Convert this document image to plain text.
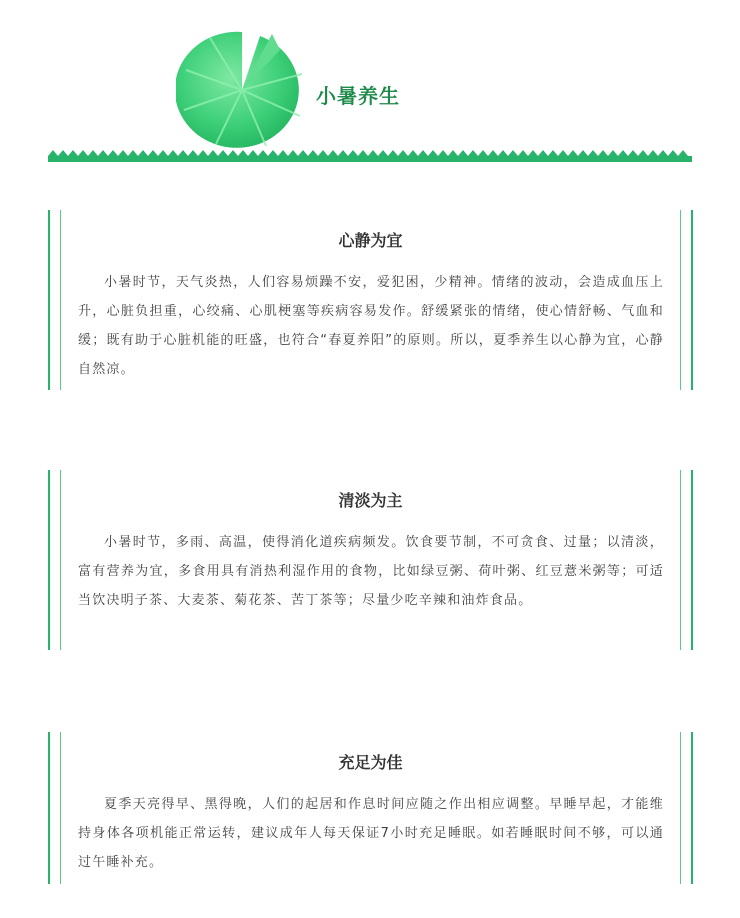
小暑养生
心静为宜
小暑时节，天气炎热，人们容易烦躁不安，爱犯困，少精神。情绪的波动，会造成血压上升，心脏负担重，心绞痛、心肌梗塞等疾病容易发作。舒缓紧张的情绪，使心情舒畅、气血和缓；既有助于心脏机能的旺盛，也符合“春夏养阳”的原则。所以，夏季养生以心静为宜，心静自然凉。
清淡为主
小暑时节，多雨、高温，使得消化道疾病频发。饮食要节制，不可贪食、过量；以清淡，富有营养为宜，多食用具有消热利湿作用的食物，比如绿豆粥、荷叶粥、红豆薏米粥等；可适当饮决明子茶、大麦茶、菊花茶、苦丁茶等；尽量少吃辛辣和油炸食品。
充足为佳
夏季天亮得早、黑得晚，人们的起居和作息时间应随之作出相应调整。早睡早起，才能维持身体各项机能正常运转，建议成年人每天保证7小时充足睡眠。如若睡眠时间不够，可以通过午睡补充。
